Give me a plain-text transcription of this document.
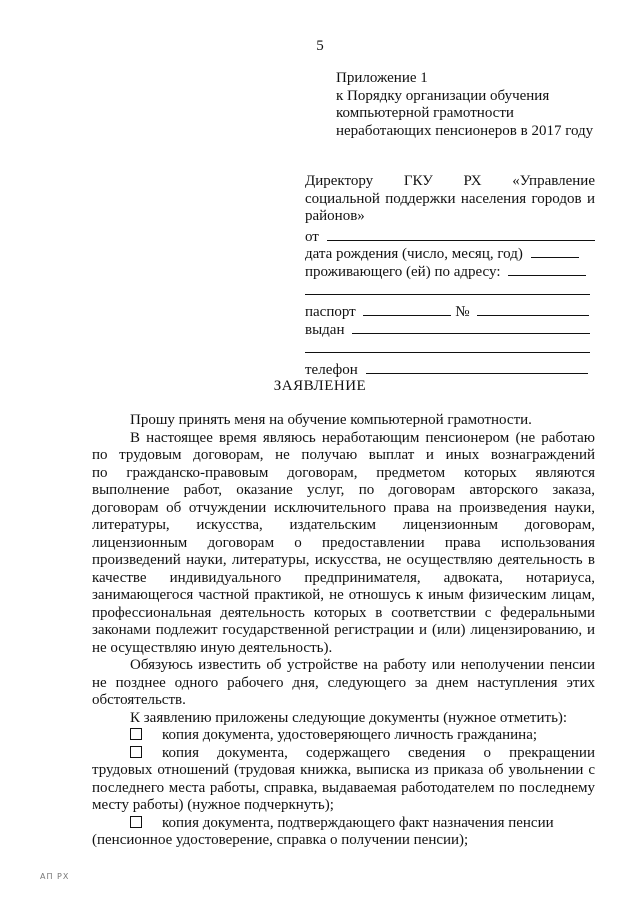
5
Приложение 1
к Порядку организации обучения
компьютерной грамотности
неработающих пенсионеров в 2017 году
Директору ГКУ РХ «Управление
социальной поддержки населения городов и
районов»
от
дата рождения (число, месяц, год)
проживающего (ей) по адресу:
паспорт	№
выдан
телефон
ЗАЯВЛЕНИЕ
Прошу принять меня на обучение компьютерной грамотности.
В настоящее время являюсь неработающим пенсионером (не работаю
по трудовым договорам, не получаю выплат и иных вознаграждений
по гражданско-правовым договорам, предметом которых являются
выполнение работ, оказание услуг, по договорам авторского заказа,
договорам об отчуждении исключительного права на произведения науки,
литературы, искусства, издательским лицензионным договорам,
лицензионным договорам о предоставлении права использования
произведений науки, литературы, искусства, не осуществляю деятельность в
качестве индивидуального предпринимателя, адвоката, нотариуса,
занимающегося частной практикой, не отношусь к иным физическим лицам,
профессиональная деятельность которых в соответствии с федеральными
законами подлежит государственной регистрации и (или) лицензированию, и
не осуществляю иную деятельность).
Обязуюсь известить об устройстве на работу или неполучении пенсии
не позднее одного рабочего дня, следующего за днем наступления этих
обстоятельств.
К заявлению приложены следующие документы (нужное отметить):
копия документа, удостоверяющего личность гражданина;
копия документа, содержащего сведения о прекращении
трудовых отношений (трудовая книжка, выписка из приказа об увольнении с
последнего места работы, справка, выдаваемая работодателем по последнему
месту работы) (нужное подчеркнуть);
копия документа, подтверждающего факт назначения пенсии
(пенсионное удостоверение, справка о получении пенсии);
АП РХ
